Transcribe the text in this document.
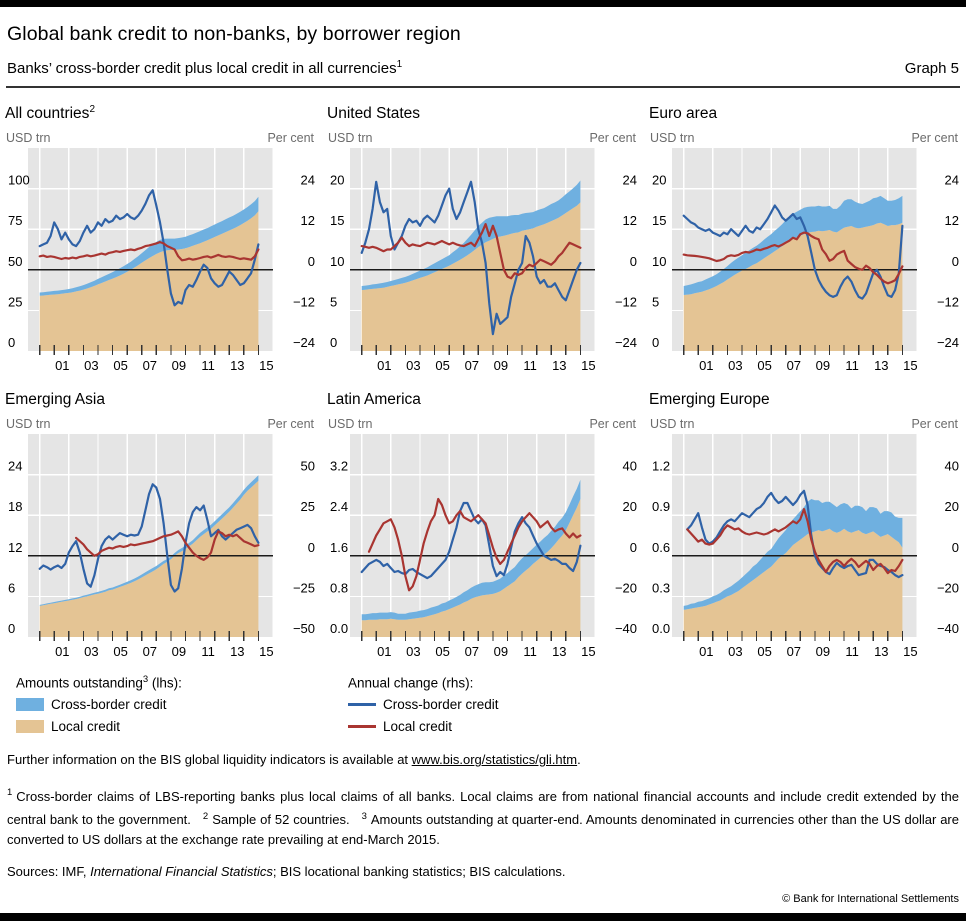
Global bank credit to non-banks, by borrower region
Banks’ cross-border credit plus local credit in all currencies$^1$	Graph 5
All countries$^2$
USD trn	Per cent
0
25
50
75
100
−24
−12
0
12
24
01 03 05 07 09 11 13 15
United States
USD trn	Per cent
0
5
10
15
20
−24
−12
0
12
24
01 03 05 07 09 11 13 15
Euro area
USD trn	Per cent
0
5
10
15
20
−24
−12
0
12
24
01 03 05 07 09 11 13 15
Emerging Asia
USD trn	Per cent
0
6
12
18
24
−50
−25
0
25
50
01 03 05 07 09 11 13 15
Latin America
USD trn	Per cent
0.0
0.8
1.6
2.4
3.2
−40
−20
0
20
40
01 03 05 07 09 11 13 15
Emerging Europe
USD trn	Per cent
0.0
0.3
0.6
0.9
1.2
−40
−20
0
20
40
01 03 05 07 09 11 13 15
Amounts outstanding$^3$ (lhs):
Cross-border credit
Local credit
Annual change (rhs):
Cross-border credit
Local credit

Further information on the BIS global liquidity indicators is available at www.bis.org/statistics/gli.htm.

$^1$ Cross-border claims of LBS-reporting banks plus local claims of all banks. Local claims are from national financial accounts and include credit extended by the central bank to the government. $^2$ Sample of 52 countries. $^3$ Amounts outstanding at quarter-end. Amounts denominated in currencies other than the US dollar are converted to US dollars at the exchange rate prevailing at end-March 2015.

Sources: IMF, International Financial Statistics; BIS locational banking statistics; BIS calculations.

© Bank for International Settlements
